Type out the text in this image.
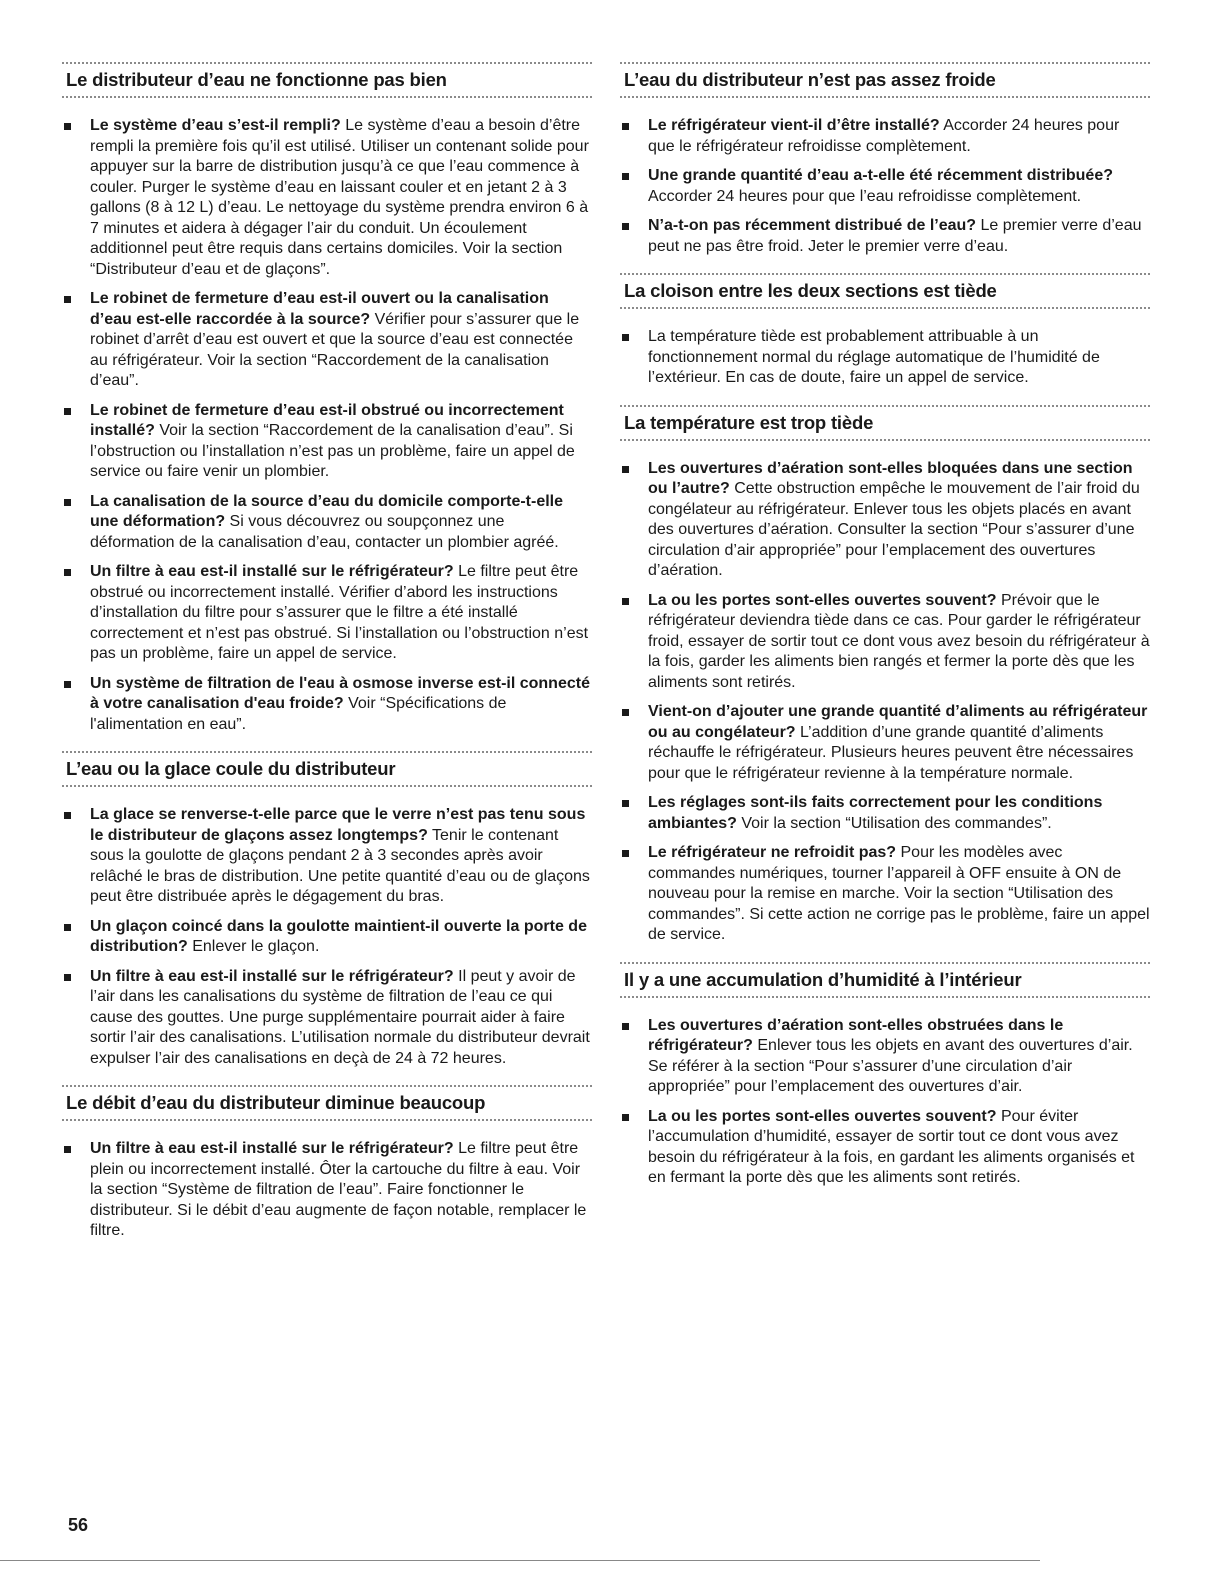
Le distributeur d’eau ne fonctionne pas bien
Le système d’eau s’est-il rempli? Le système d’eau a besoin d’être rempli la première fois qu’il est utilisé. Utiliser un contenant solide pour appuyer sur la barre de distribution jusqu’à ce que l’eau commence à couler. Purger le système d’eau en laissant couler et en jetant 2 à 3 gallons (8 à 12 L) d’eau. Le nettoyage du système prendra environ 6 à 7 minutes et aidera à dégager l’air du conduit. Un écoulement additionnel peut être requis dans certains domiciles. Voir la section “Distributeur d’eau et de glaçons”.
Le robinet de fermeture d’eau est-il ouvert ou la canalisation d’eau est-elle raccordée à la source? Vérifier pour s’assurer que le robinet d’arrêt d’eau est ouvert et que la source d’eau est connectée au réfrigérateur. Voir la section “Raccordement de la canalisation d’eau”.
Le robinet de fermeture d’eau est-il obstrué ou incorrectement installé? Voir la section “Raccordement de la canalisation d’eau”. Si l’obstruction ou l’installation n’est pas un problème, faire un appel de service ou faire venir un plombier.
La canalisation de la source d’eau du domicile comporte-t-elle une déformation? Si vous découvrez ou soupçonnez une déformation de la canalisation d’eau, contacter un plombier agréé.
Un filtre à eau est-il installé sur le réfrigérateur? Le filtre peut être obstrué ou incorrectement installé. Vérifier d’abord les instructions d’installation du filtre pour s’assurer que le filtre a été installé correctement et n’est pas obstrué. Si l’installation ou l’obstruction n’est pas un problème, faire un appel de service.
Un système de filtration de l'eau à osmose inverse est-il connecté à votre canalisation d'eau froide? Voir “Spécifications de l'alimentation en eau”.
L’eau ou la glace coule du distributeur
La glace se renverse-t-elle parce que le verre n’est pas tenu sous le distributeur de glaçons assez longtemps? Tenir le contenant sous la goulotte de glaçons pendant 2 à 3 secondes après avoir relâché le bras de distribution. Une petite quantité d’eau ou de glaçons peut être distribuée après le dégagement du bras.
Un glaçon coincé dans la goulotte maintient-il ouverte la porte de distribution? Enlever le glaçon.
Un filtre à eau est-il installé sur le réfrigérateur? Il peut y avoir de l’air dans les canalisations du système de filtration de l’eau ce qui cause des gouttes. Une purge supplémentaire pourrait aider à faire sortir l’air des canalisations. L’utilisation normale du distributeur devrait expulser l’air des canalisations en deçà de 24 à 72 heures.
Le débit d’eau du distributeur diminue beaucoup
Un filtre à eau est-il installé sur le réfrigérateur? Le filtre peut être plein ou incorrectement installé. Ôter la cartouche du filtre à eau. Voir la section “Système de filtration de l’eau”. Faire fonctionner le distributeur. Si le débit d’eau augmente de façon notable, remplacer le filtre.
L’eau du distributeur n’est pas assez froide
Le réfrigérateur vient-il d’être installé? Accorder 24 heures pour que le réfrigérateur refroidisse complètement.
Une grande quantité d’eau a-t-elle été récemment distribuée? Accorder 24 heures pour que l’eau refroidisse complètement.
N’a-t-on pas récemment distribué de l’eau? Le premier verre d’eau peut ne pas être froid. Jeter le premier verre d’eau.
La cloison entre les deux sections est tiède
La température tiède est probablement attribuable à un fonctionnement normal du réglage automatique de l’humidité de l’extérieur. En cas de doute, faire un appel de service.
La température est trop tiède
Les ouvertures d’aération sont-elles bloquées dans une section ou l’autre? Cette obstruction empêche le mouvement de l’air froid du congélateur au réfrigérateur. Enlever tous les objets placés en avant des ouvertures d’aération. Consulter la section “Pour s’assurer d’une circulation d’air appropriée” pour l’emplacement des ouvertures d’aération.
La ou les portes sont-elles ouvertes souvent? Prévoir que le réfrigérateur deviendra tiède dans ce cas. Pour garder le réfrigérateur froid, essayer de sortir tout ce dont vous avez besoin du réfrigérateur à la fois, garder les aliments bien rangés et fermer la porte dès que les aliments sont retirés.
Vient-on d’ajouter une grande quantité d’aliments au réfrigérateur ou au congélateur? L’addition d’une grande quantité d’aliments réchauffe le réfrigérateur. Plusieurs heures peuvent être nécessaires pour que le réfrigérateur revienne à la température normale.
Les réglages sont-ils faits correctement pour les conditions ambiantes? Voir la section “Utilisation des commandes”.
Le réfrigérateur ne refroidit pas? Pour les modèles avec commandes numériques, tourner l’appareil à OFF ensuite à ON de nouveau pour la remise en marche. Voir la section “Utilisation des commandes”. Si cette action ne corrige pas le problème, faire un appel de service.
Il y a une accumulation d’humidité à l’intérieur
Les ouvertures d’aération sont-elles obstruées dans le réfrigérateur? Enlever tous les objets en avant des ouvertures d’air. Se référer à la section “Pour s’assurer d’une circulation d’air appropriée” pour l’emplacement des ouvertures d’air.
La ou les portes sont-elles ouvertes souvent? Pour éviter l’accumulation d’humidité, essayer de sortir tout ce dont vous avez besoin du réfrigérateur à la fois, en gardant les aliments organisés et en fermant la porte dès que les aliments sont retirés.
56
